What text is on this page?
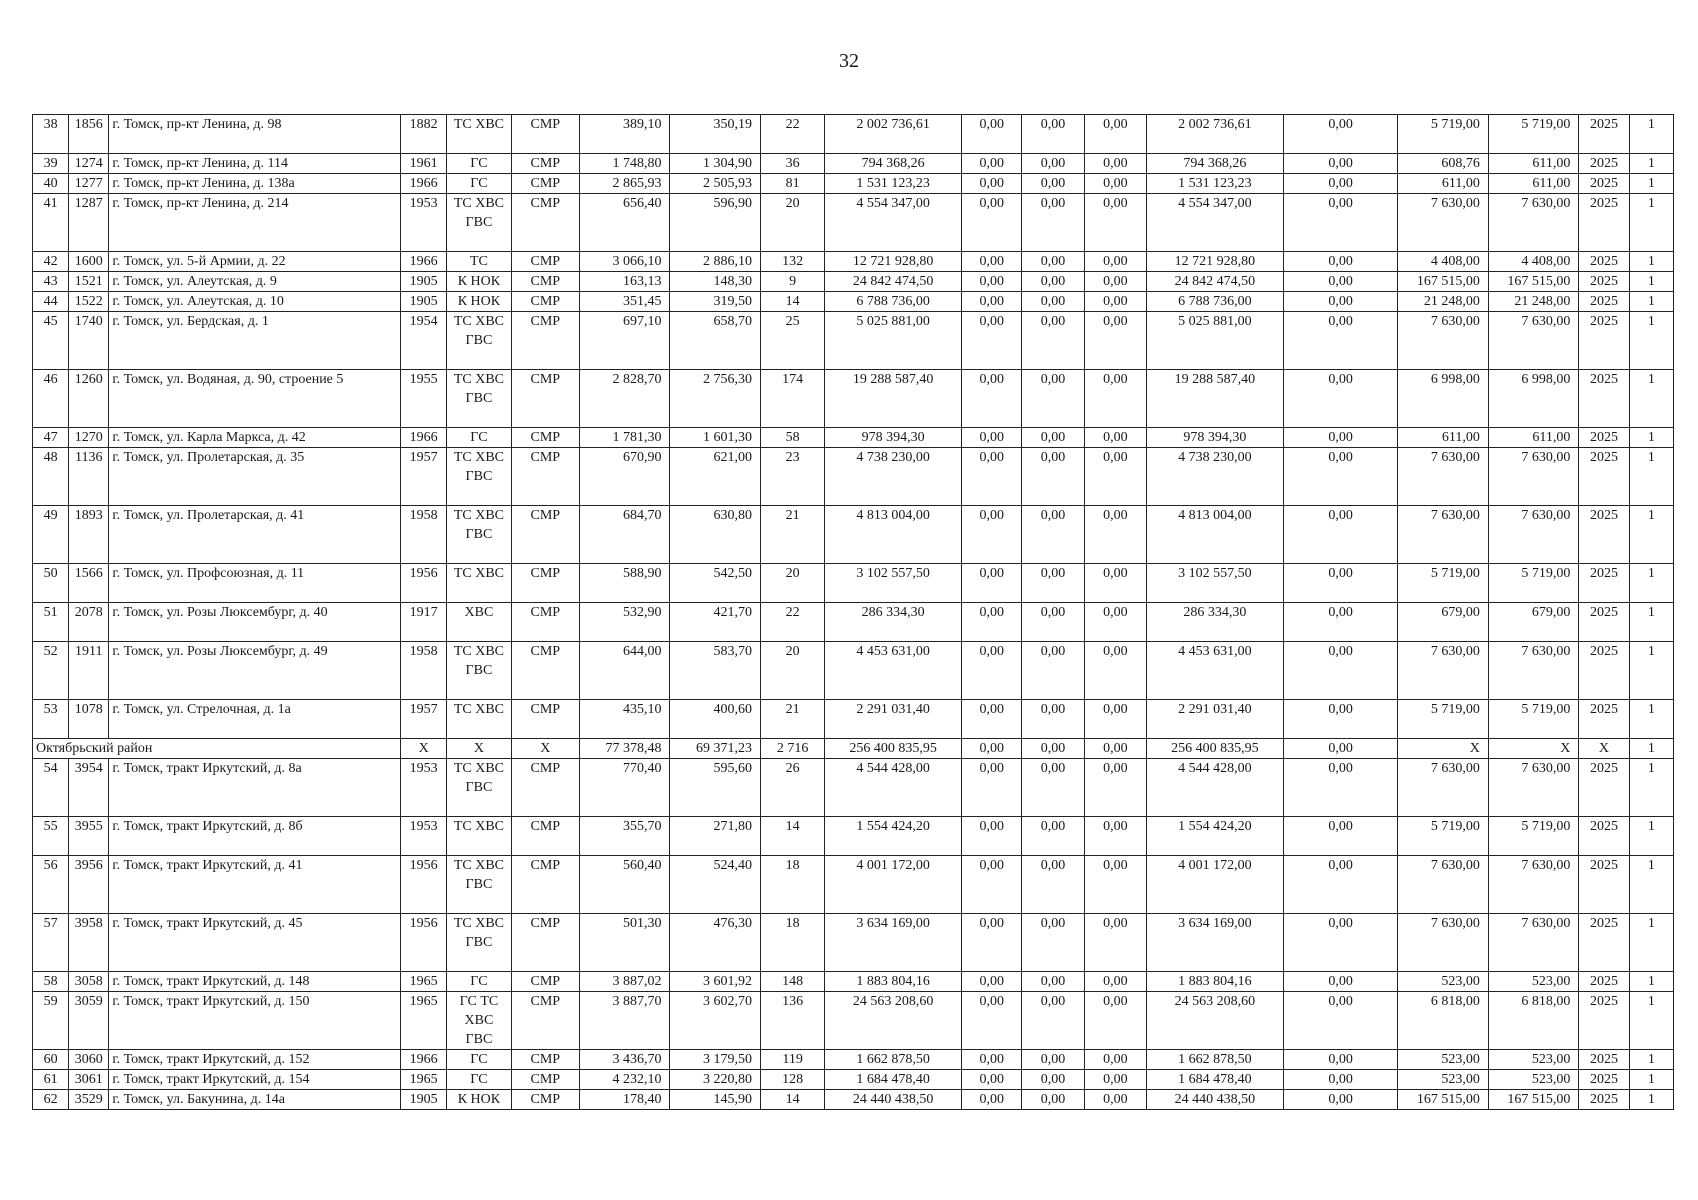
32
38	1856	г. Томск, пр-кт Ленина, д. 98	1882	ТС ХВС	СМР	389,10	350,19	22	2 002 736,61	0,00	0,00	0,00	2 002 736,61	0,00	5 719,00	5 719,00	2025	1
39	1274	г. Томск, пр-кт Ленина, д. 114	1961	ГС	СМР	1 748,80	1 304,90	36	794 368,26	0,00	0,00	0,00	794 368,26	0,00	608,76	611,00	2025	1
40	1277	г. Томск, пр-кт Ленина, д. 138а	1966	ГС	СМР	2 865,93	2 505,93	81	1 531 123,23	0,00	0,00	0,00	1 531 123,23	0,00	611,00	611,00	2025	1
41	1287	г. Томск, пр-кт Ленина, д. 214	1953	ТС ХВС ГВС	СМР	656,40	596,90	20	4 554 347,00	0,00	0,00	0,00	4 554 347,00	0,00	7 630,00	7 630,00	2025	1
42	1600	г. Томск, ул. 5-й Армии, д. 22	1966	ТС	СМР	3 066,10	2 886,10	132	12 721 928,80	0,00	0,00	0,00	12 721 928,80	0,00	4 408,00	4 408,00	2025	1
43	1521	г. Томск, ул. Алеутская, д. 9	1905	К НОК	СМР	163,13	148,30	9	24 842 474,50	0,00	0,00	0,00	24 842 474,50	0,00	167 515,00	167 515,00	2025	1
44	1522	г. Томск, ул. Алеутская, д. 10	1905	К НОК	СМР	351,45	319,50	14	6 788 736,00	0,00	0,00	0,00	6 788 736,00	0,00	21 248,00	21 248,00	2025	1
45	1740	г. Томск, ул. Бердская, д. 1	1954	ТС ХВС ГВС	СМР	697,10	658,70	25	5 025 881,00	0,00	0,00	0,00	5 025 881,00	0,00	7 630,00	7 630,00	2025	1
46	1260	г. Томск, ул. Водяная, д. 90, строение 5	1955	ТС ХВС ГВС	СМР	2 828,70	2 756,30	174	19 288 587,40	0,00	0,00	0,00	19 288 587,40	0,00	6 998,00	6 998,00	2025	1
47	1270	г. Томск, ул. Карла Маркса, д. 42	1966	ГС	СМР	1 781,30	1 601,30	58	978 394,30	0,00	0,00	0,00	978 394,30	0,00	611,00	611,00	2025	1
48	1136	г. Томск, ул. Пролетарская, д. 35	1957	ТС ХВС ГВС	СМР	670,90	621,00	23	4 738 230,00	0,00	0,00	0,00	4 738 230,00	0,00	7 630,00	7 630,00	2025	1
49	1893	г. Томск, ул. Пролетарская, д. 41	1958	ТС ХВС ГВС	СМР	684,70	630,80	21	4 813 004,00	0,00	0,00	0,00	4 813 004,00	0,00	7 630,00	7 630,00	2025	1
50	1566	г. Томск, ул. Профсоюзная, д. 11	1956	ТС ХВС	СМР	588,90	542,50	20	3 102 557,50	0,00	0,00	0,00	3 102 557,50	0,00	5 719,00	5 719,00	2025	1
51	2078	г. Томск, ул. Розы Люксембург, д. 40	1917	ХВС	СМР	532,90	421,70	22	286 334,30	0,00	0,00	0,00	286 334,30	0,00	679,00	679,00	2025	1
52	1911	г. Томск, ул. Розы Люксембург, д. 49	1958	ТС ХВС ГВС	СМР	644,00	583,70	20	4 453 631,00	0,00	0,00	0,00	4 453 631,00	0,00	7 630,00	7 630,00	2025	1
53	1078	г. Томск, ул. Стрелочная, д. 1а	1957	ТС ХВС	СМР	435,10	400,60	21	2 291 031,40	0,00	0,00	0,00	2 291 031,40	0,00	5 719,00	5 719,00	2025	1
Октябрьский район			Х	Х	Х	77 378,48	69 371,23	2 716	256 400 835,95	0,00	0,00	0,00	256 400 835,95	0,00	Х	Х	Х	1
54	3954	г. Томск, тракт Иркутский, д. 8а	1953	ТС ХВС ГВС	СМР	770,40	595,60	26	4 544 428,00	0,00	0,00	0,00	4 544 428,00	0,00	7 630,00	7 630,00	2025	1
55	3955	г. Томск, тракт Иркутский, д. 8б	1953	ТС ХВС	СМР	355,70	271,80	14	1 554 424,20	0,00	0,00	0,00	1 554 424,20	0,00	5 719,00	5 719,00	2025	1
56	3956	г. Томск, тракт Иркутский, д. 41	1956	ТС ХВС ГВС	СМР	560,40	524,40	18	4 001 172,00	0,00	0,00	0,00	4 001 172,00	0,00	7 630,00	7 630,00	2025	1
57	3958	г. Томск, тракт Иркутский, д. 45	1956	ТС ХВС ГВС	СМР	501,30	476,30	18	3 634 169,00	0,00	0,00	0,00	3 634 169,00	0,00	7 630,00	7 630,00	2025	1
58	3058	г. Томск, тракт Иркутский, д. 148	1965	ГС	СМР	3 887,02	3 601,92	148	1 883 804,16	0,00	0,00	0,00	1 883 804,16	0,00	523,00	523,00	2025	1
59	3059	г. Томск, тракт Иркутский, д. 150	1965	ГС ТС ХВС ГВС	СМР	3 887,70	3 602,70	136	24 563 208,60	0,00	0,00	0,00	24 563 208,60	0,00	6 818,00	6 818,00	2025	1
60	3060	г. Томск, тракт Иркутский, д. 152	1966	ГС	СМР	3 436,70	3 179,50	119	1 662 878,50	0,00	0,00	0,00	1 662 878,50	0,00	523,00	523,00	2025	1
61	3061	г. Томск, тракт Иркутский, д. 154	1965	ГС	СМР	4 232,10	3 220,80	128	1 684 478,40	0,00	0,00	0,00	1 684 478,40	0,00	523,00	523,00	2025	1
62	3529	г. Томск, ул. Бакунина, д. 14а	1905	К НОК	СМР	178,40	145,90	14	24 440 438,50	0,00	0,00	0,00	24 440 438,50	0,00	167 515,00	167 515,00	2025	1
